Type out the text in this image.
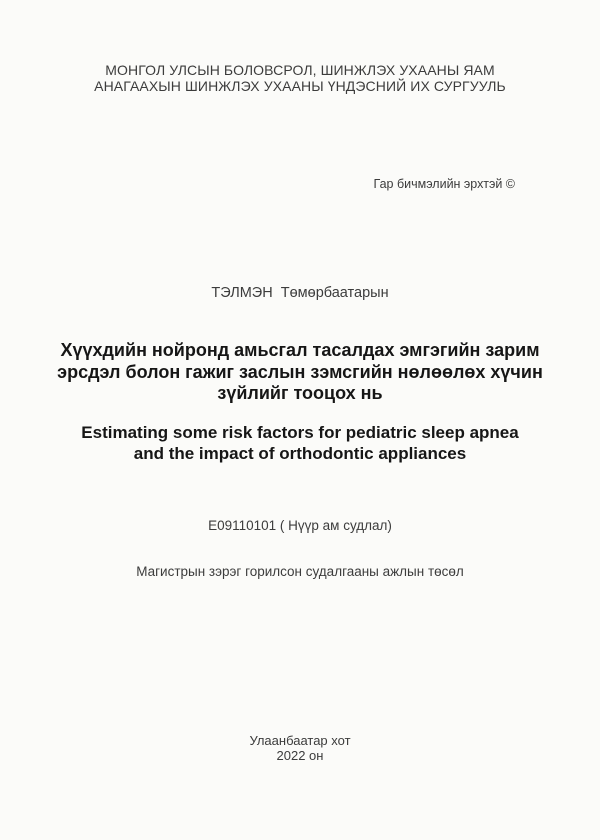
МОНГОЛ УЛСЫН БОЛОВСРОЛ, ШИНЖЛЭХ УХААНЫ ЯАМ
АНАГААХЫН ШИНЖЛЭХ УХААНЫ ҮНДЭСНИЙ ИХ СУРГУУЛЬ
Гар бичмэлийн эрхтэй ©
ТЭЛМЭН  Төмөрбаатарын
Хүүхдийн нойронд амьсгал тасалдах эмгэгийн зарим
эрсдэл болон гажиг заслын зэмсгийн нөлөөлөх хүчин
зүйлийг тооцох нь
Estimating some risk factors for pediatric sleep apnea
and the impact of orthodontic appliances
E09110101 ( Нүүр ам судлал)
Магистрын зэрэг горилсон судалгааны ажлын төсөл
Улаанбаатар хот
2022 он
